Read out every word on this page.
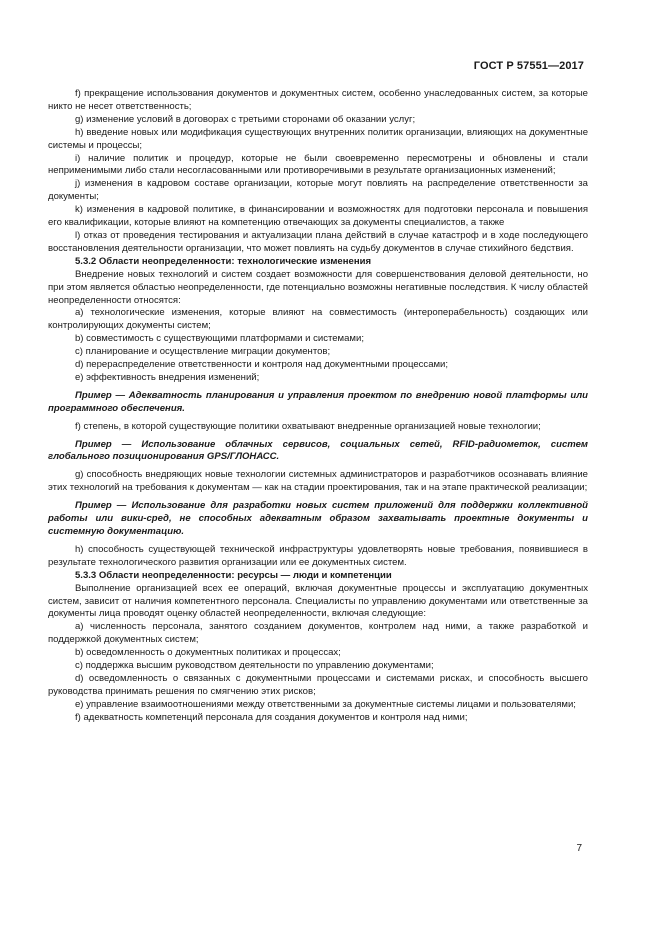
ГОСТ Р 57551—2017

f) прекращение использования документов и документных систем, особенно унаследованных систем, за которые никто не несет ответственность;

g) изменение условий в договорах с третьими сторонами об оказании услуг;

h) введение новых или модификация существующих внутренних политик организации, влияющих на документные системы и процессы;

i) наличие политик и процедур, которые не были своевременно пересмотрены и обновлены и стали неприменимыми либо стали несогласованными или противоречивыми в результате организационных изменений;

j) изменения в кадровом составе организации, которые могут повлиять на распределение ответственности за документы;

k) изменения в кадровой политике, в финансировании и возможностях для подготовки персонала и повышения его квалификации, которые влияют на компетенцию отвечающих за документы специалистов, а также

l) отказ от проведения тестирования и актуализации плана действий в случае катастроф и в ходе последующего восстановления деятельности организации, что может повлиять на судьбу документов в случае стихийного бедствия.

5.3.2 Области неопределенности: технологические изменения

Внедрение новых технологий и систем создает возможности для совершенствования деловой деятельности, но при этом является областью неопределенности, где потенциально возможны негативные последствия. К числу областей неопределенности относятся:

а) технологические изменения, которые влияют на совместимость (интероперабельность) создающих или контролирующих документы систем;

b) совместимость с существующими платформами и системами;

c) планирование и осуществление миграции документов;

d) перераспределение ответственности и контроля над документными процессами;

e) эффективность внедрения изменений;

Пример — Адекватность планирования и управления проектом по внедрению новой платформы или программного обеспечения.

f) степень, в которой существующие политики охватывают внедренные организацией новые технологии;

Пример — Использование облачных сервисов, социальных сетей, RFID-радиометок, систем глобального позиционирования GPS/ГЛОНАСС.

g) способность внедряющих новые технологии системных администраторов и разработчиков осознавать влияние этих технологий на требования к документам — как на стадии проектирования, так и на этапе практической реализации;

Пример — Использование для разработки новых систем приложений для поддержки коллективной работы или вики-сред, не способных адекватным образом захватывать проектные документы и системную документацию.

h) способность существующей технической инфраструктуры удовлетворять новые требования, появившиеся в результате технологического развития организации или ее документных систем.

5.3.3 Области неопределенности: ресурсы — люди и компетенции

Выполнение организацией всех ее операций, включая документные процессы и эксплуатацию документных систем, зависит от наличия компетентного персонала. Специалисты по управлению документами или ответственные за документы лица проводят оценку областей неопределенности, включая следующие:

а) численность персонала, занятого созданием документов, контролем над ними, а также разработкой и поддержкой документных систем;

b) осведомленность о документных политиках и процессах;

c) поддержка высшим руководством деятельности по управлению документами;

d) осведомленность о связанных с документными процессами и системами рисках, и способность высшего руководства принимать решения по смягчению этих рисков;

e) управление взаимоотношениями между ответственными за документные системы лицами и пользователями;

f) адекватность компетенций персонала для создания документов и контроля над ними;

7
